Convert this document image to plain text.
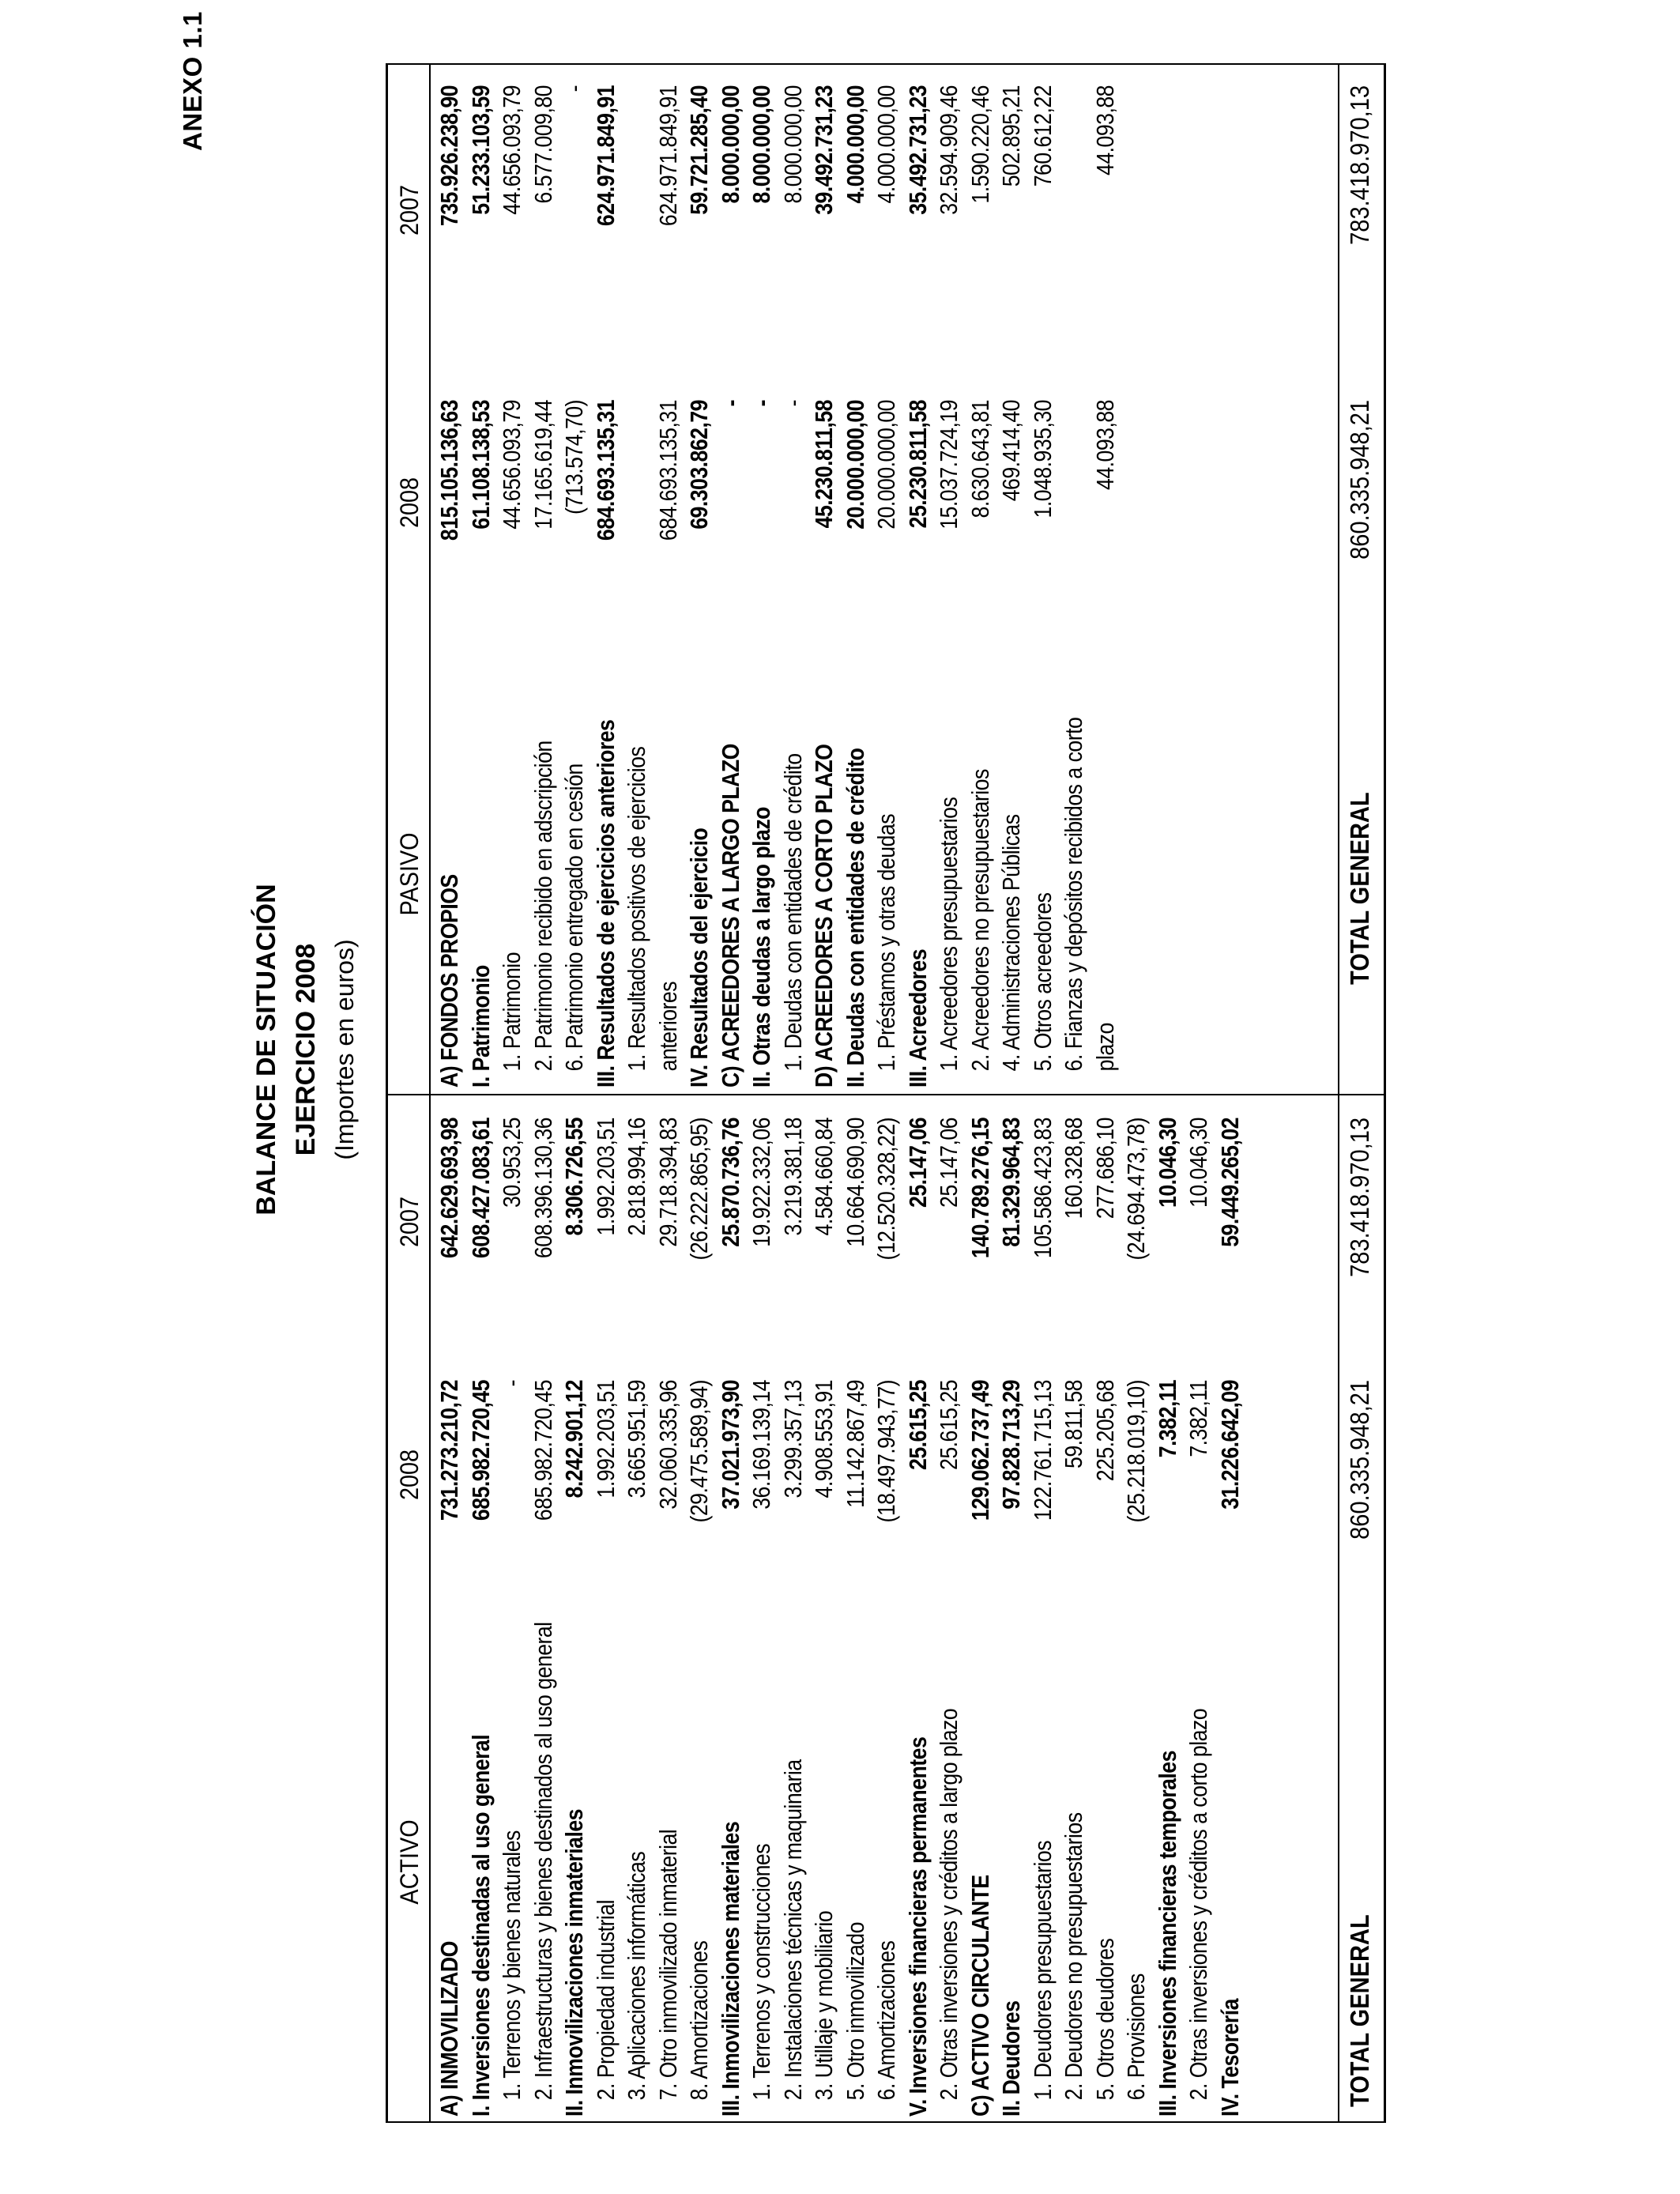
ANEXO 1.1
BALANCE DE SITUACIÓN EJERCICIO 2008 (Importes en euros)
ACTIVO
2008
2007
PASIVO
2008
2007
A) INMOVILIZADO I. Inversiones destinadas al uso general 1. Terrenos y bienes naturales 2. Infraestructuras y bienes destinados al uso general II. Inmovilizaciones inmateriales 2. Propiedad industrial 3. Aplicaciones informáticas 7. Otro inmovilizado inmaterial 8. Amortizaciones III. Inmovilizaciones materiales 1. Terrenos y construcciones 2. Instalaciones técnicas y maquinaria 3. Utillaje y mobiliario 5. Otro inmovilizado 6. Amortizaciones V. Inversiones financieras permanentes 2. Otras inversiones y créditos a largo plazo C) ACTIVO CIRCULANTE II. Deudores 1. Deudores presupuestarios 2. Deudores no presupuestarios 5. Otros deudores 6. Provisiones III. Inversiones financieras temporales 2. Otras inversiones y créditos a corto plazo IV. Tesorería
731.273.210,72 685.982.720,45 - 685.982.720,45 8.242.901,12 1.992.203,51 3.665.951,59 32.060.335,96 (29.475.589,94) 37.021.973,90 36.169.139,14 3.299.357,13 4.908.553,91 11.142.867,49 (18.497.943,77) 25.615,25 25.615,25 129.062.737,49 97.828.713,29 122.761.715,13 59.811,58 225.205,68 (25.218.019,10) 7.382,11 7.382,11 31.226.642,09
642.629.693,98 608.427.083,61 30.953,25 608.396.130,36 8.306.726,55 1.992.203,51 2.818.994,16 29.718.394,83 (26.222.865,95) 25.870.736,76 19.922.332,06 3.219.381,18 4.584.660,84 10.664.690,90 (12.520.328,22) 25.147,06 25.147,06 140.789.276,15 81.329.964,83 105.586.423,83 160.328,68 277.686,10 (24.694.473,78) 10.046,30 10.046,30 59.449.265,02
A) FONDOS PROPIOS I. Patrimonio 1. Patrimonio 2. Patrimonio recibido en adscripción 6. Patrimonio entregado en cesión III. Resultados de ejercicios anteriores 1. Resultados positivos de ejercicios anteriores IV. Resultados del ejercicio C) ACREEDORES A LARGO PLAZO II. Otras deudas a largo plazo 1. Deudas con entidades de crédito D) ACREEDORES A CORTO PLAZO II. Deudas con entidades de crédito 1. Préstamos y otras deudas III. Acreedores 1. Acreedores presupuestarios 2. Acreedores no presupuestarios 4. Administraciones Públicas 5. Otros acreedores 6. Fianzas y depósitos recibidos a corto plazo
815.105.136,63 61.108.138,53 44.656.093,79 17.165.619,44 (713.574,70) 684.693.135,31 684.693.135,31 69.303.862,79 - - - 45.230.811,58 20.000.000,00 20.000.000,00 25.230.811,58 15.037.724,19 8.630.643,81 469.414,40 1.048.935,30 44.093,88
735.926.238,90 51.233.103,59 44.656.093,79 6.577.009,80 - 624.971.849,91 624.971.849,91 59.721.285,40 8.000.000,00 8.000.000,00 8.000.000,00 39.492.731,23 4.000.000,00 4.000.000,00 35.492.731,23 32.594.909,46 1.590.220,46 502.895,21 760.612,22 44.093,88
TOTAL GENERAL
860.335.948,21
783.418.970,13
TOTAL GENERAL
860.335.948,21
783.418.970,13
